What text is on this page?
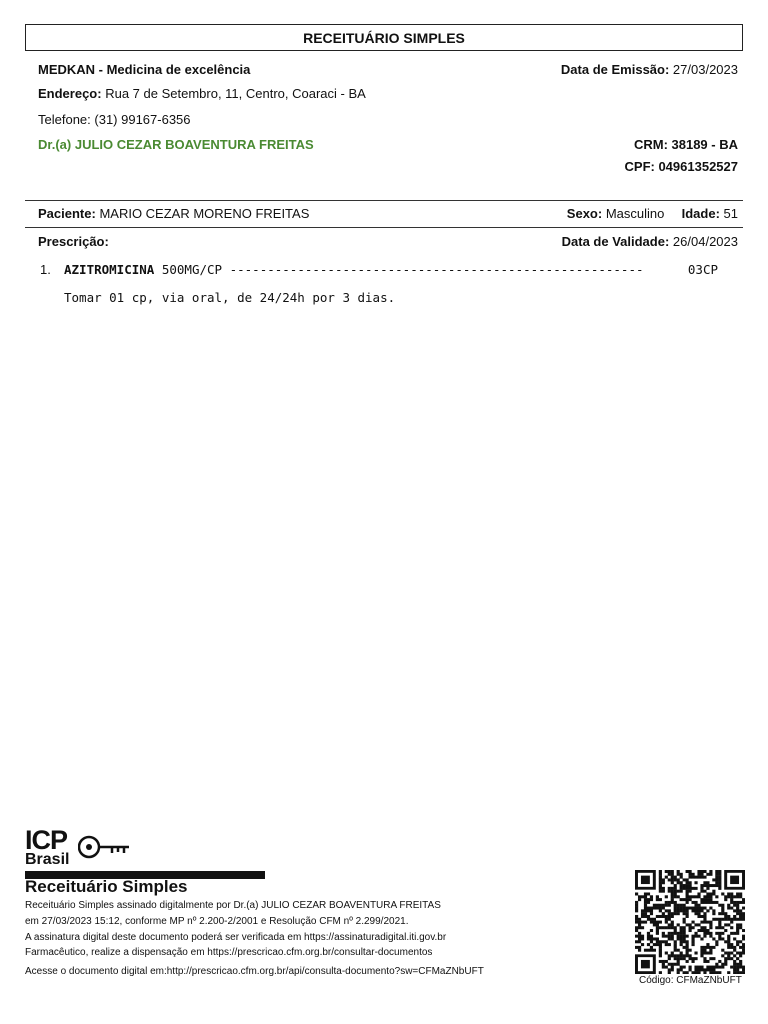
RECEITUÁRIO SIMPLES
MEDKAN - Medicina de excelência	Data de Emissão: 27/03/2023
Endereço: Rua 7 de Setembro, 11, Centro, Coaraci - BA
Telefone: (31) 99167-6356
Dr.(a) JULIO CEZAR BOAVENTURA FREITAS	CRM: 38189 - BA
CPF: 04961352527
Paciente: MARIO CEZAR MORENO FREITAS	Sexo: Masculino Idade: 51
Prescrição:	Data de Validade: 26/04/2023
1. AZITROMICINA 500MG/CP -------------------------------------------------------	03CP
Tomar 01 cp, via oral, de 24/24h por 3 dias.
ICP
Brasil
Receituário Simples
Receituário Simples assinado digitalmente por Dr.(a) JULIO CEZAR BOAVENTURA FREITAS
em 27/03/2023 15:12, conforme MP nº 2.200-2/2001 e Resolução CFM nº 2.299/2021.
A assinatura digital deste documento poderá ser verificada em https://assinaturadigital.iti.gov.br
Farmacêutico, realize a dispensação em https://prescricao.cfm.org.br/consultar-documentos
Acesse o documento digital em:http://prescricao.cfm.org.br/api/consulta-documento?sw=CFMaZNbUFT
Código: CFMaZNbUFT
